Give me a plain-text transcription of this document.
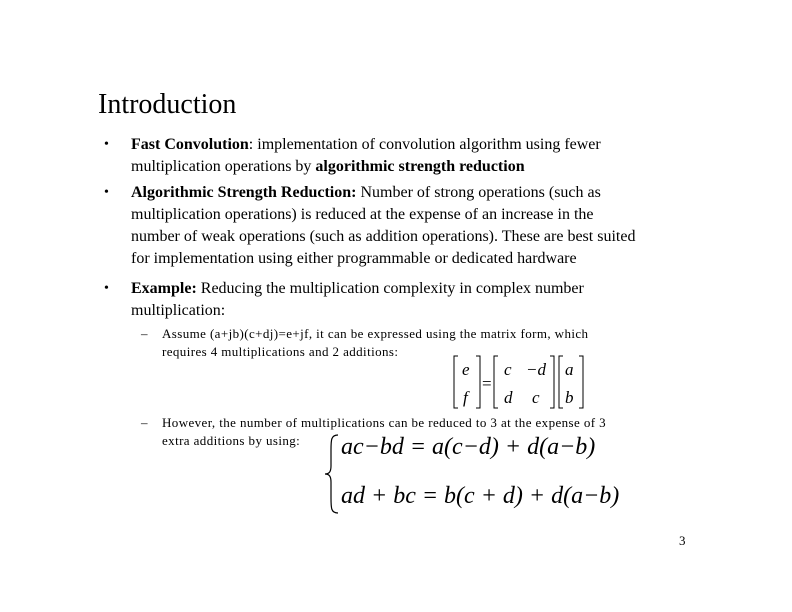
Introduction
• Fast Convolution: implementation of convolution algorithm using fewer
multiplication operations by algorithmic strength reduction
• Algorithmic Strength Reduction: Number of strong operations (such as
multiplication operations) is reduced at the expense of an increase in the
number of weak operations (such as addition operations). These are best suited
for implementation using either programmable or dedicated hardware
• Example: Reducing the multiplication complexity in complex number
multiplication:
– Assume (a+jb)(c+dj)=e+jf, it can be expressed using the matrix form, which
requires 4 multiplications and 2 additions:
e
f
c −d
d c
a
b
=
– However, the number of multiplications can be reduced to 3 at the expense of 3
extra additions by using:	ac−bd = a(c−d) + d(a−b)
ad + bc = b(c + d) + d(a−b)
3
